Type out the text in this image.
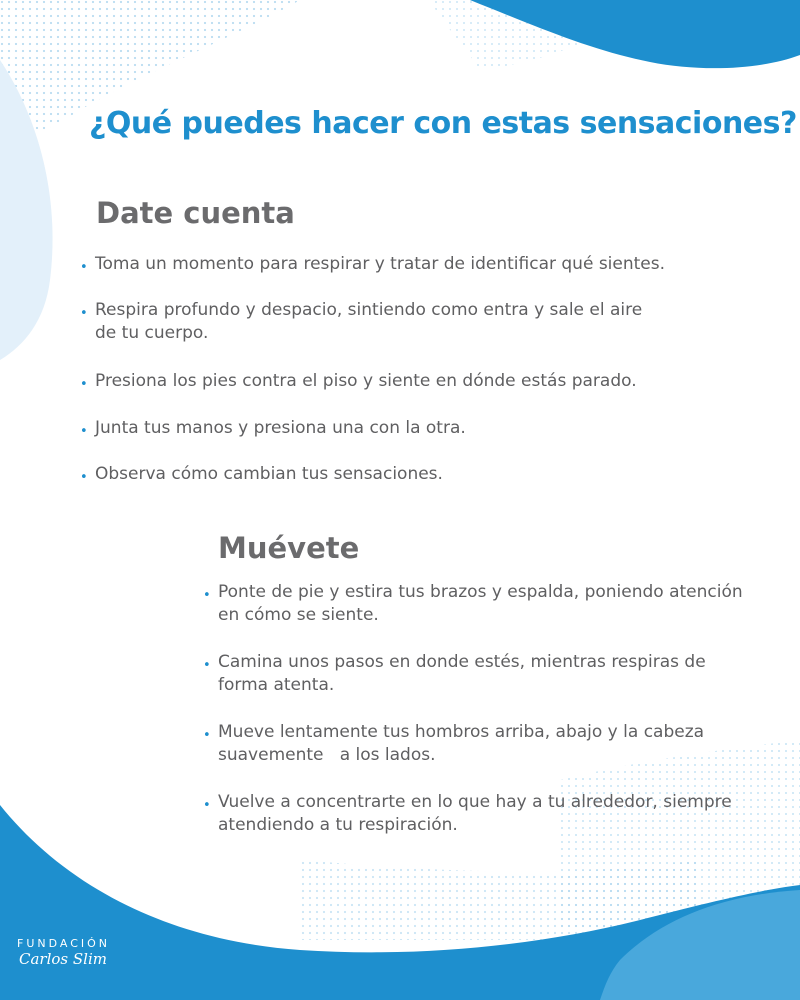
¿Qué puedes hacer con estas sensaciones?
Date cuenta
• Toma un momento para respirar y tratar de identificar qué sientes.
• Respira profundo y despacio, sintiendo como entra y sale el aire
de tu cuerpo.
• Presiona los pies contra el piso y siente en dónde estás parado.
• Junta tus manos y presiona una con la otra.
• Observa cómo cambian tus sensaciones.
Muévete
• Ponte de pie y estira tus brazos y espalda, poniendo atención
en cómo se siente.
• Camina unos pasos en donde estés, mientras respiras de
forma atenta.
• Mueve lentamente tus hombros arriba, abajo y la cabeza
suavemente   a los lados.
• Vuelve a concentrarte en lo que hay a tu alrededor, siempre
atendiendo a tu respiración.
FUNDACIÓN
Carlos Slim
